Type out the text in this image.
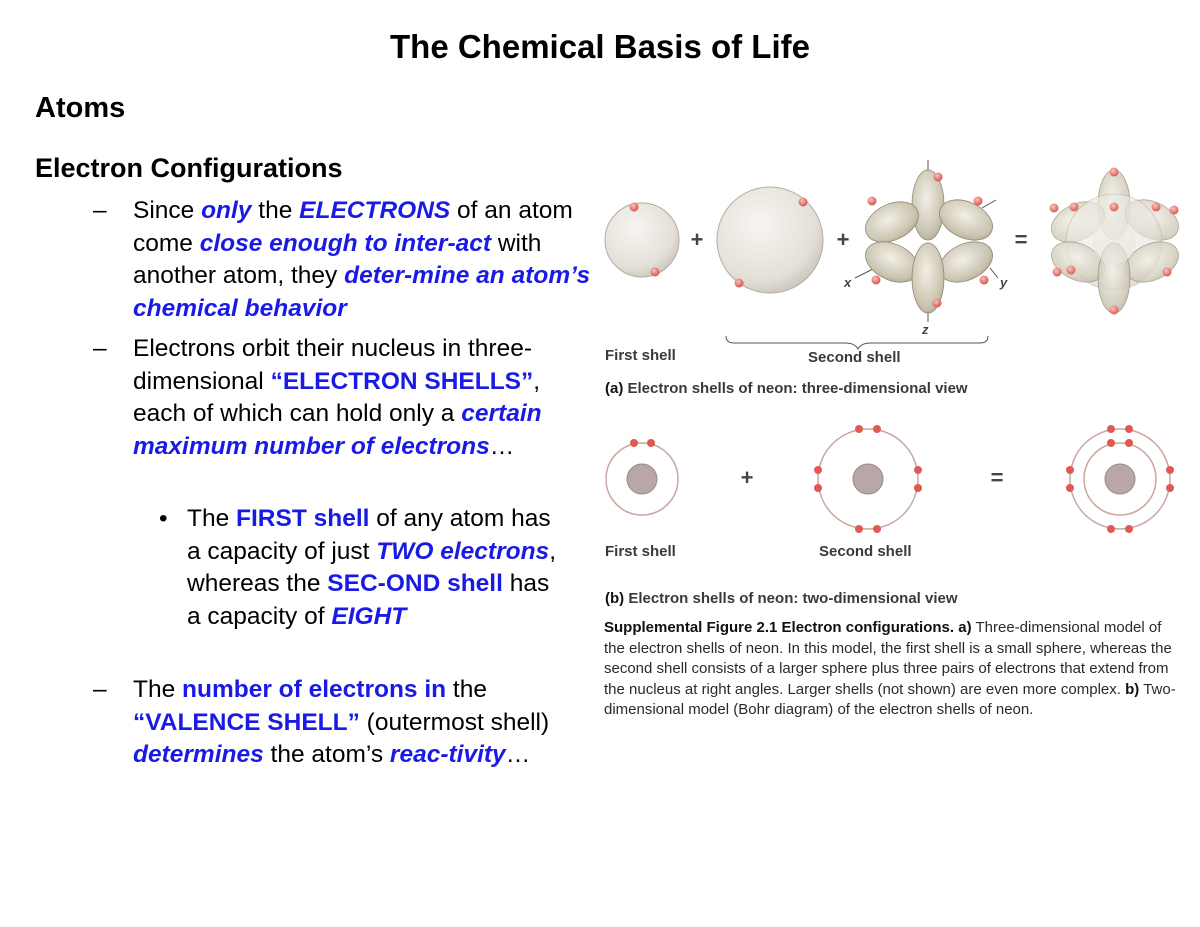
The Chemical Basis of Life
Atoms
Electron Configurations
– Since only the ELECTRONS of an atom come close enough to inter-act with another atom, they deter-mine an atom’s chemical behavior
– Electrons orbit their nucleus in three-dimensional “ELECTRON SHELLS”, each of which can hold only a certain maximum number of electrons…
• The FIRST shell of any atom has a capacity of just TWO electrons, whereas the SEC-OND shell has a capacity of EIGHT
– The number of electrons in the “VALENCE SHELL” (outermost shell) determines the atom’s reac-tivity…
+	+
x	y
z
=
First shell	Second shell
(a) Electron shells of neon: three-dimensional view
+	=
First shell	Second shell
(b) Electron shells of neon: two-dimensional view
Supplemental Figure 2.1 Electron configurations. a) Three-dimensional model of the electron shells of neon. In this model, the first shell is a small sphere, whereas the second shell consists of a larger sphere plus three pairs of electrons that extend from the nucleus at right angles. Larger shells (not shown) are even more complex. b) Two-dimensional model (Bohr diagram) of the electron shells of neon.
